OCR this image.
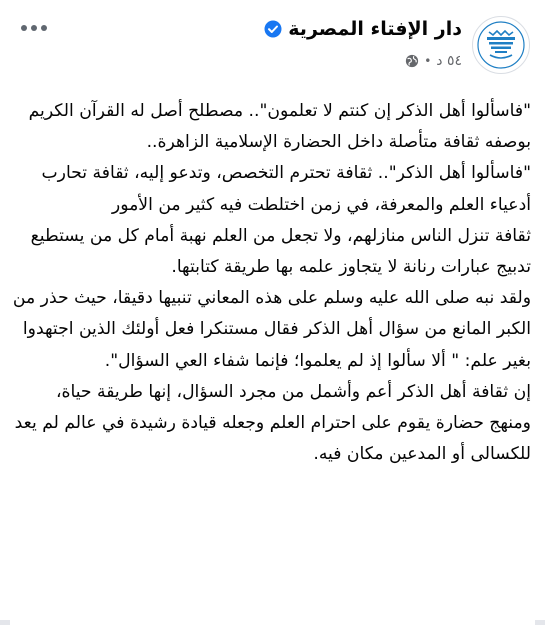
دار الإفتاء المصرية
٥٤ د
•

"فاسألوا أهل الذكر إن كنتم لا تعلمون".. مصطلح أصل له القرآن الكريم بوصفه ثقافة متأصلة داخل الحضارة الإسلامية الزاهرة..

"فاسألوا أهل الذكر".. ثقافة تحترم التخصص، وتدعو إليه، ثقافة تحارب أدعياء العلم والمعرفة، في زمن اختلطت فيه كثير من الأمور

ثقافة تنزل الناس منازلهم، ولا تجعل من العلم نهبة أمام كل من يستطيع تدبيج عبارات رنانة لا يتجاوز علمه بها طريقة كتابتها.

ولقد نبه صلى الله عليه وسلم على هذه المعاني تنبيها دقيقا، حيث حذر من الكبر المانع من سؤال أهل الذكر فقال مستنكرا فعل أولئك الذين اجتهدوا بغير علم: " ألا سألوا إذ لم يعلموا؛ فإنما شفاء العي السؤال".

إن ثقافة أهل الذكر أعم وأشمل من مجرد السؤال، إنها طريقة حياة، ومنهج حضارة يقوم على احترام العلم وجعله قيادة رشيدة في عالم لم يعد للكسالى أو المدعين مكان فيه.
